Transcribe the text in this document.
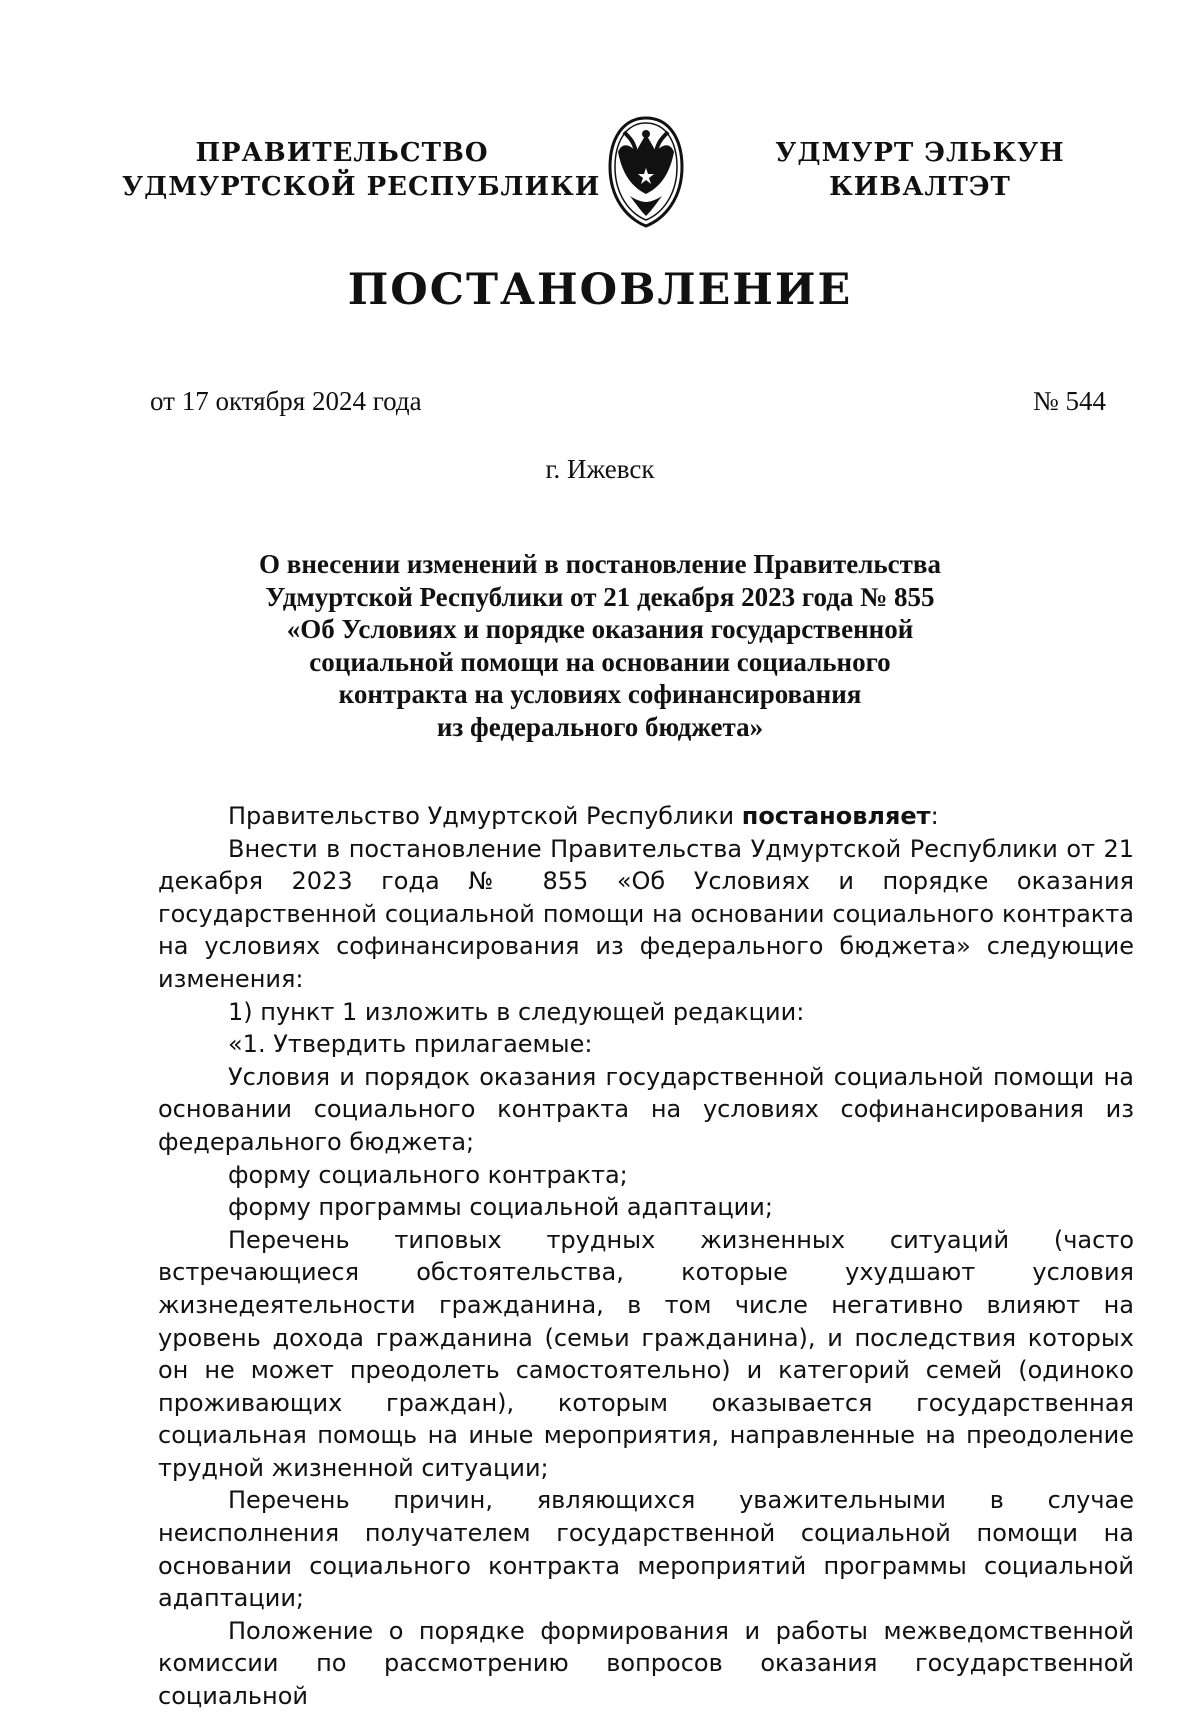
ПРАВИТЕЛЬСТВО
УДМУРТСКОЙ РЕСПУБЛИКИ
УДМУРТ ЭЛЬКУН
КИВАЛТЭТ
ПОСТАНОВЛЕНИЕ
от 17 октября 2024 года	№ 544
г. Ижевск
О внесении изменений в постановление Правительства
Удмуртской Республики от 21 декабря 2023 года № 855
«Об Условиях и порядке оказания государственной
социальной помощи на основании социального
контракта на условиях софинансирования
из федерального бюджета»

Правительство Удмуртской Республики постановляет:

Внести в постановление Правительства Удмуртской Республики от 21 декабря 2023 года № 855 «Об Условиях и порядке оказания государственной социальной помощи на основании социального контракта на условиях софинансирования из федерального бюджета» следующие изменения:

1) пункт 1 изложить в следующей редакции:

«1. Утвердить прилагаемые:

Условия и порядок оказания государственной социальной помощи на основании социального контракта на условиях софинансирования из федерального бюджета;

форму социального контракта;

форму программы социальной адаптации;

Перечень типовых трудных жизненных ситуаций (часто встречающиеся обстоятельства, которые ухудшают условия жизнедеятельности гражданина, в том числе негативно влияют на уровень дохода гражданина (семьи гражданина), и последствия которых он не может преодолеть самостоятельно) и категорий семей (одиноко проживающих граждан), которым оказывается государственная социальная помощь на иные мероприятия, направленные на преодоление трудной жизненной ситуации;

Перечень причин, являющихся уважительными в случае неисполнения получателем государственной социальной помощи на основании социального контракта мероприятий программы социальной адаптации;

Положение о порядке формирования и работы межведомственной комиссии по рассмотрению вопросов оказания государственной социальной
